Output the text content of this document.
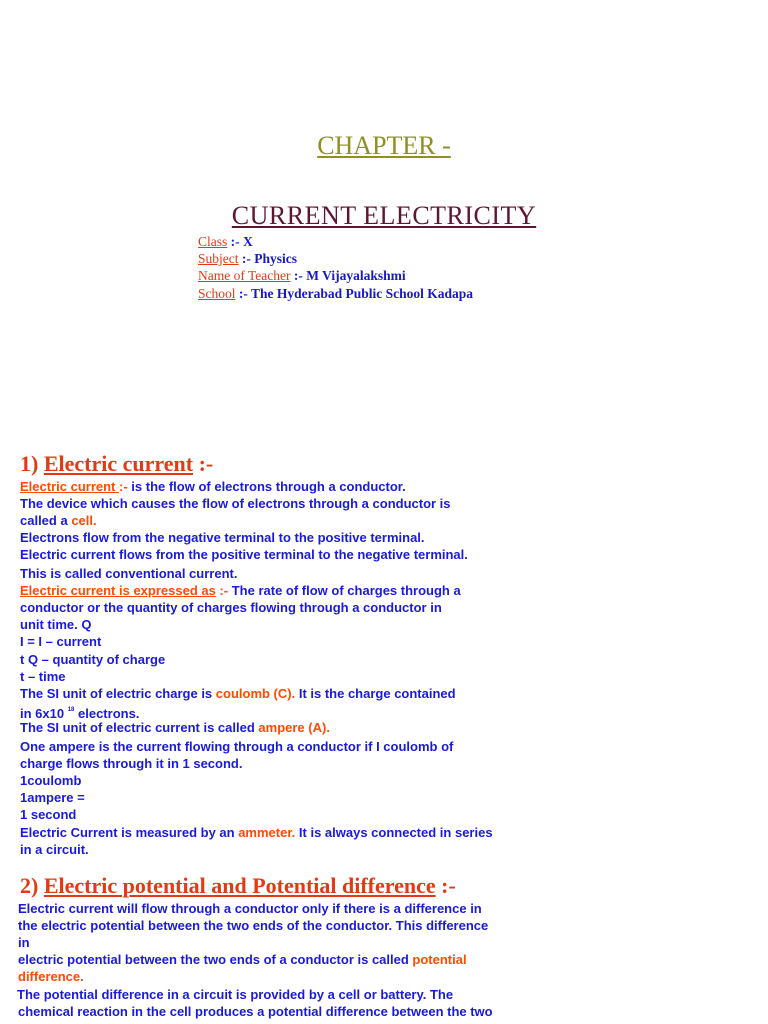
CHAPTER -
CURRENT ELECTRICITY
Class :- X
Subject :- Physics
Name of Teacher :- M Vijayalakshmi
School :- The Hyderabad Public School Kadapa
1) Electric current :-
Electric current :- is the flow of electrons through a conductor.
The device which causes the flow of electrons through a conductor is
called a cell.
Electrons flow from the negative terminal to the positive terminal.
Electric current flows from the positive terminal to the negative terminal.
This is called conventional current.
Electric current is expressed as :- The rate of flow of charges through a
conductor or the quantity of charges flowing through a conductor in
unit time. Q
I = I – current
t Q – quantity of charge
t – time
The SI unit of electric charge is coulomb (C). It is the charge contained
in 6x10 $^{18}$ electrons.
The SI unit of electric current is called ampere (A).
One ampere is the current flowing through a conductor if I coulomb of
charge flows through it in 1 second.
1coulomb
1ampere =
1 second
Electric Current is measured by an ammeter. It is always connected in series
in a circuit.
2) Electric potential and Potential difference :-
Electric current will flow through a conductor only if there is a difference in
the electric potential between the two ends of the conductor. This difference
in
electric potential between the two ends of a conductor is called potential
difference.
The potential difference in a circuit is provided by a cell or battery. The
chemical reaction in the cell produces a potential difference between the two
